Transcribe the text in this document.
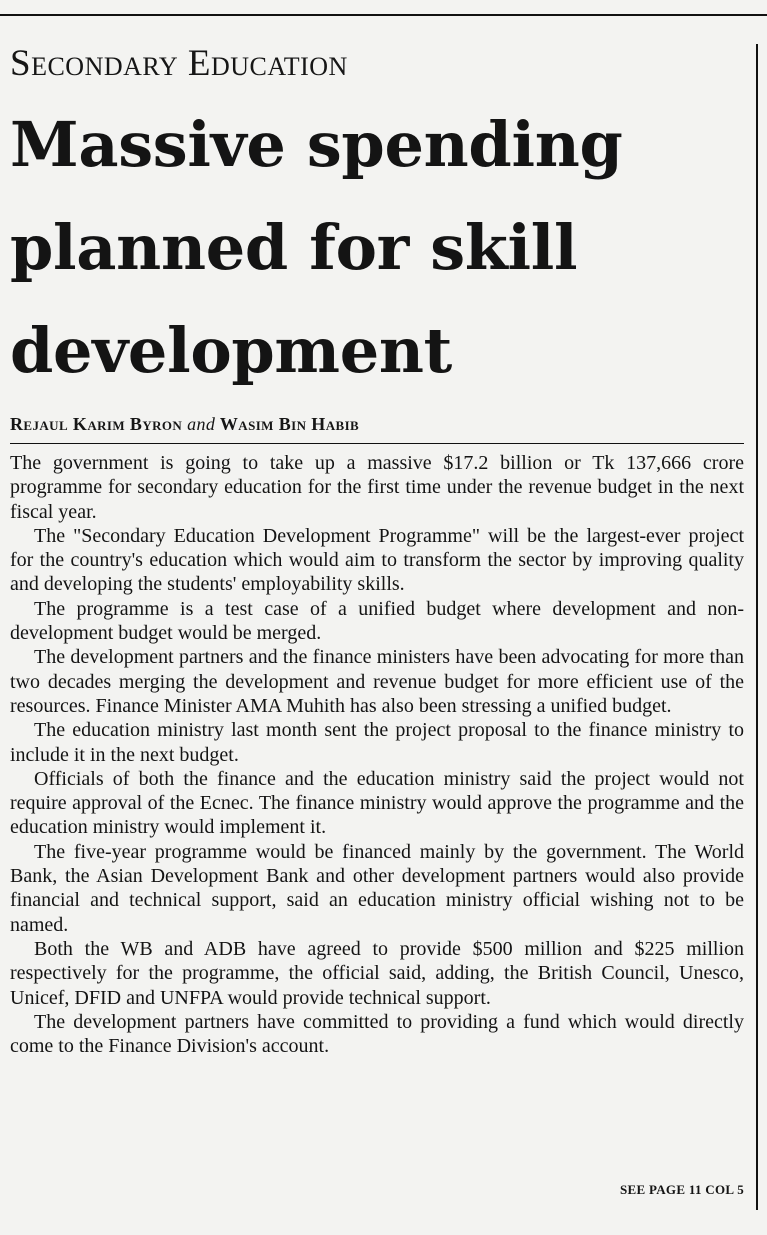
Secondary Education
Massive spending
planned for skill
development

Rejaul Karim Byron and Wasim Bin Habib

The government is going to take up a massive $17.2 billion or Tk 137,666 crore programme for secondary education for the first time under the revenue budget in the next fiscal year.

The "Secondary Education Development Programme" will be the largest-ever project for the country's education which would aim to transform the sector by improving quality and developing the students' employability skills.

The programme is a test case of a unified budget where development and non-development budget would be merged.

The development partners and the finance ministers have been advocating for more than two decades merging the development and revenue budget for more efficient use of the resources. Finance Minister AMA Muhith has also been stressing a unified budget.

The education ministry last month sent the project proposal to the finance ministry to include it in the next budget.

Officials of both the finance and the education ministry said the project would not require approval of the Ecnec. The finance ministry would approve the programme and the education ministry would implement it.

The five-year programme would be financed mainly by the government. The World Bank, the Asian Development Bank and other development partners would also provide financial and technical support, said an education ministry official wishing not to be named.

Both the WB and ADB have agreed to provide $500 million and $225 million respectively for the programme, the official said, adding, the British Council, Unesco, Unicef, DFID and UNFPA would provide technical support.

The development partners have committed to providing a fund which would directly come to the Finance Division's account.

SEE PAGE 11 COL 5
